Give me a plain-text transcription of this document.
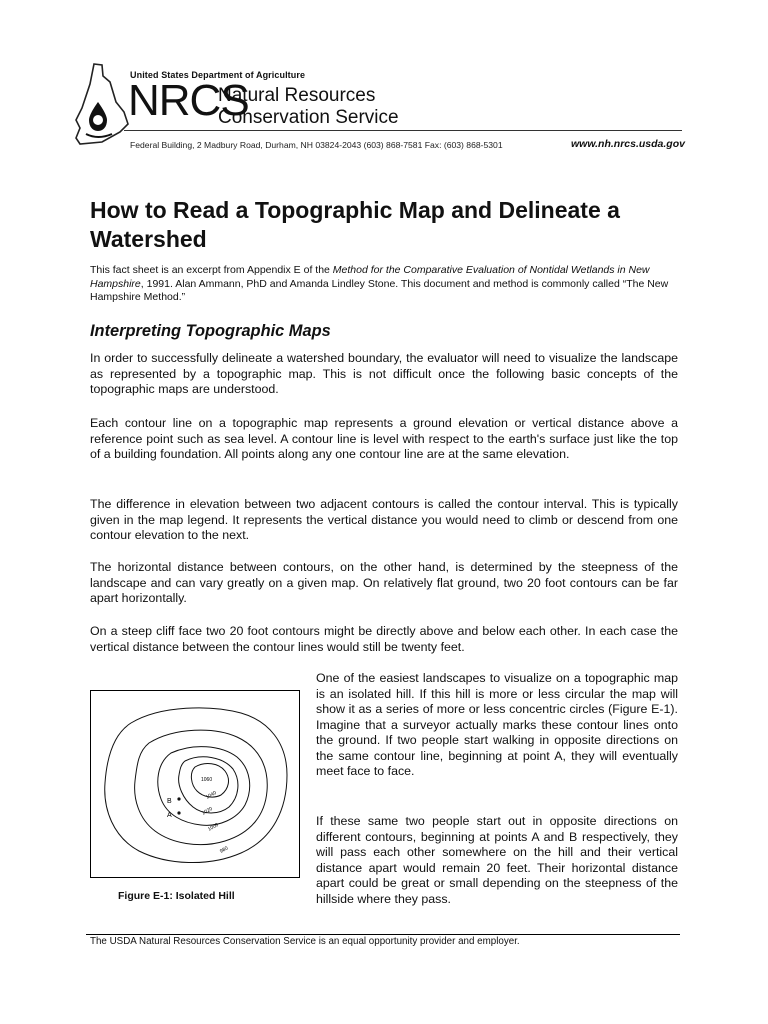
United States Department of Agriculture
NRCS
Natural Resources
Conservation Service
Federal Building, 2 Madbury Road, Durham, NH 03824-2043 (603) 868-7581 Fax: (603) 868-5301	www.nh.nrcs.usda.gov
How to Read a Topographic Map and Delineate a Watershed
This fact sheet is an excerpt from Appendix E of the Method for the Comparative Evaluation of Nontidal Wetlands in New Hampshire, 1991. Alan Ammann, PhD and Amanda Lindley Stone. This document and method is commonly called “The New Hampshire Method.”
Interpreting Topographic Maps
In order to successfully delineate a watershed boundary, the evaluator will need to visualize the landscape as represented by a topographic map. This is not difficult once the following basic concepts of the topographic maps are understood.
Each contour line on a topographic map represents a ground elevation or vertical distance above a reference point such as sea level. A contour line is level with respect to the earth's surface just like the top of a building foundation. All points along any one contour line are at the same elevation.
The difference in elevation between two adjacent contours is called the contour interval. This is typically given in the map legend. It represents the vertical distance you would need to climb or descend from one contour elevation to the next.
The horizontal distance between contours, on the other hand, is determined by the steepness of the landscape and can vary greatly on a given map. On relatively flat ground, two 20 foot contours can be far apart horizontally.
On a steep cliff face two 20 foot contours might be directly above and below each other. In each case the vertical distance between the contour lines would still be twenty feet.
A
B
1060
1040
1020
1000
980
Figure E-1: Isolated Hill
One of the easiest landscapes to visualize on a topographic map is an isolated hill. If this hill is more or less circular the map will show it as a series of more or less concentric circles (Figure E-1). Imagine that a surveyor actually marks these contour lines onto the ground. If two people start walking in opposite directions on the same contour line, beginning at point A, they will eventually meet face to face.
If these same two people start out in opposite directions on different contours, beginning at points A and B respectively, they will pass each other somewhere on the hill and their vertical distance apart would remain 20 feet. Their horizontal distance apart could be great or small depending on the steepness of the hillside where they pass.
The USDA Natural Resources Conservation Service is an equal opportunity provider and employer.
